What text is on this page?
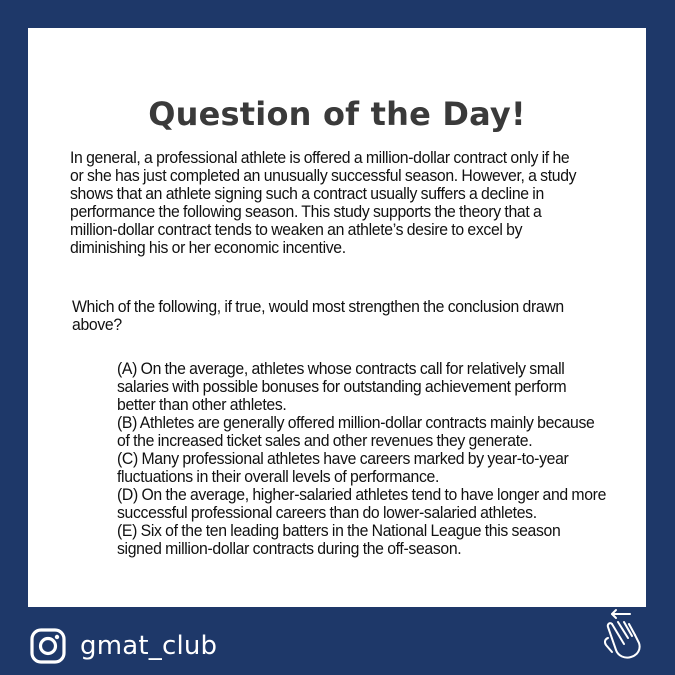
Question of the Day!
In general, a professional athlete is offered a million-dollar contract only if he or she has just completed an unusually successful season. However, a study shows that an athlete signing such a contract usually suffers a decline in performance the following season. This study supports the theory that a million-dollar contract tends to weaken an athlete’s desire to excel by diminishing his or her economic incentive.
Which of the following, if true, would most strengthen the conclusion drawn above?

(A) On the average, athletes whose contracts call for relatively small salaries with possible bonuses for outstanding achievement perform better than other athletes.

(B) Athletes are generally offered million-dollar contracts mainly because of the increased ticket sales and other revenues they generate.

(C) Many professional athletes have careers marked by year-to-year fluctuations in their overall levels of performance.

(D) On the average, higher-salaried athletes tend to have longer and more successful professional careers than do lower-salaried athletes.

(E) Six of the ten leading batters in the National League this season signed million-dollar contracts during the off-season.

gmat_club
